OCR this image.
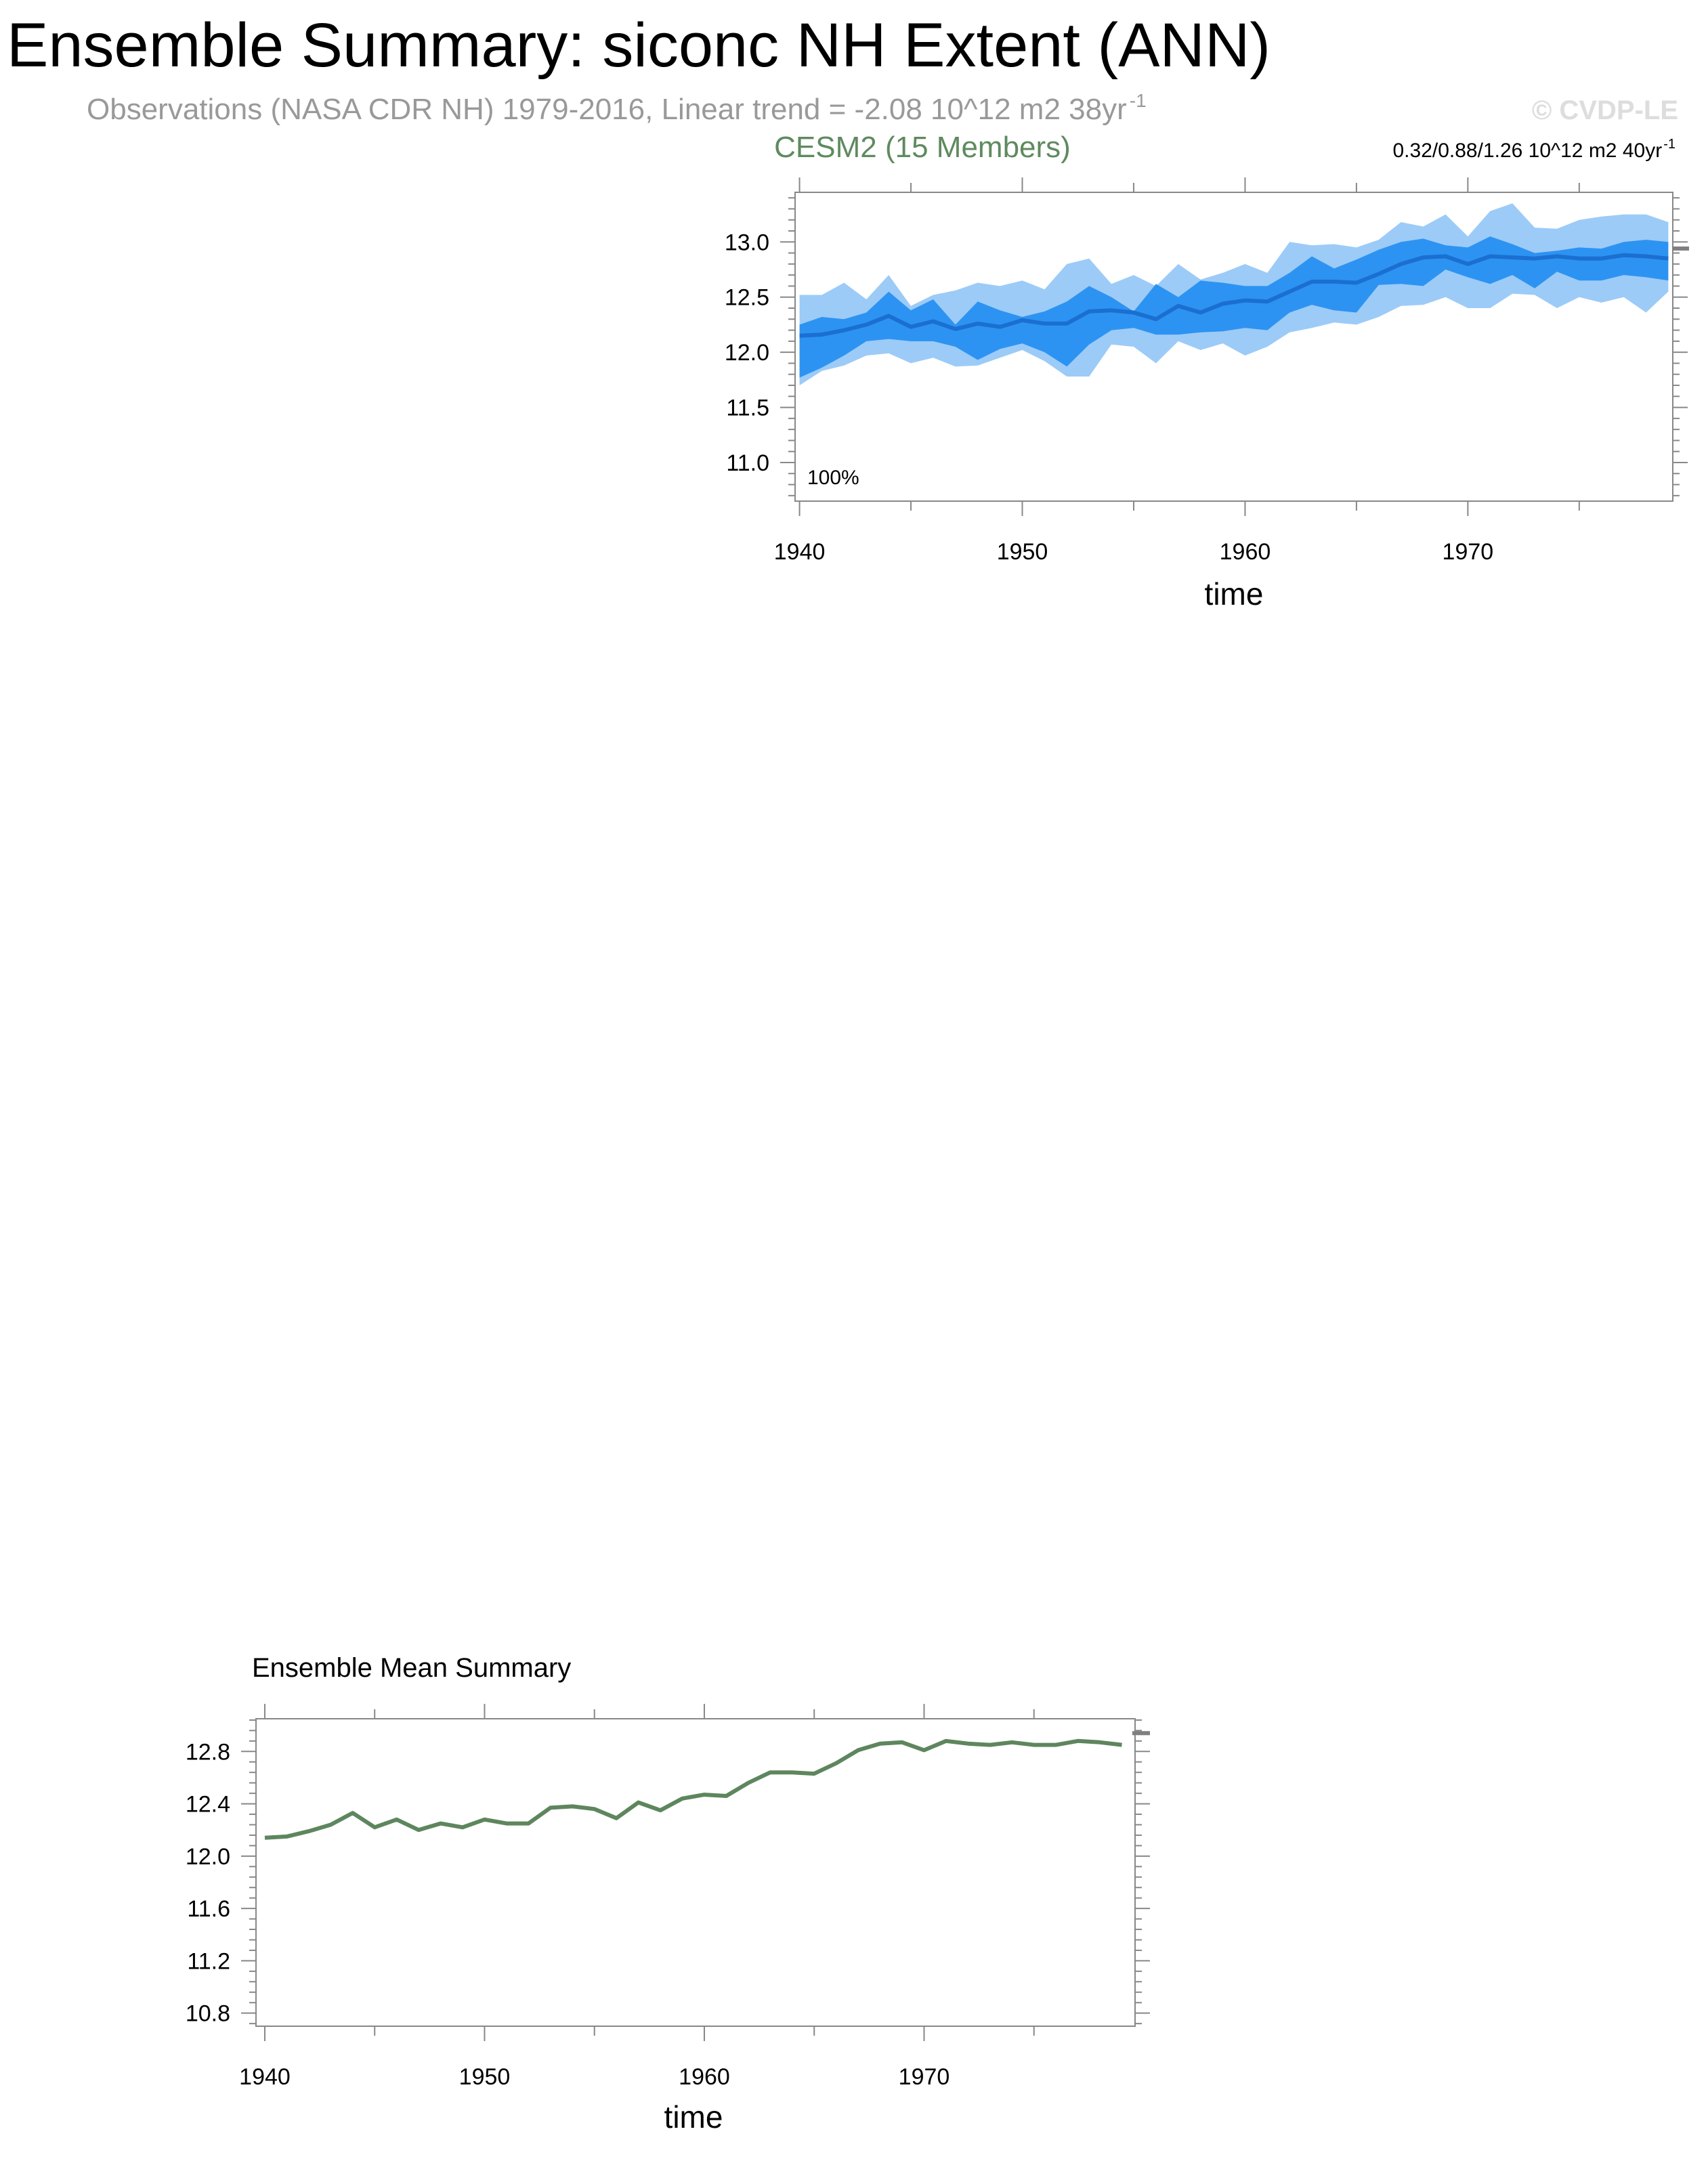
Ensemble Summary: siconc NH Extent (ANN)
Observations (NASA CDR NH) 1979-2016, Linear trend = -2.08 10^12 m2 38yr $^{-1}$	© CVDP-LE
1940	1950	1960	1970
11.0
11.5
12.0
12.5
13.0
CESM2 (15 Members)	0.32/0.88/1.26 10^12 m2 40yr $^{-1}$
100%
time
1940	1950	1960	1970
10.8
11.2
11.6
12.0
12.4
12.8
Ensemble Mean Summary
time
